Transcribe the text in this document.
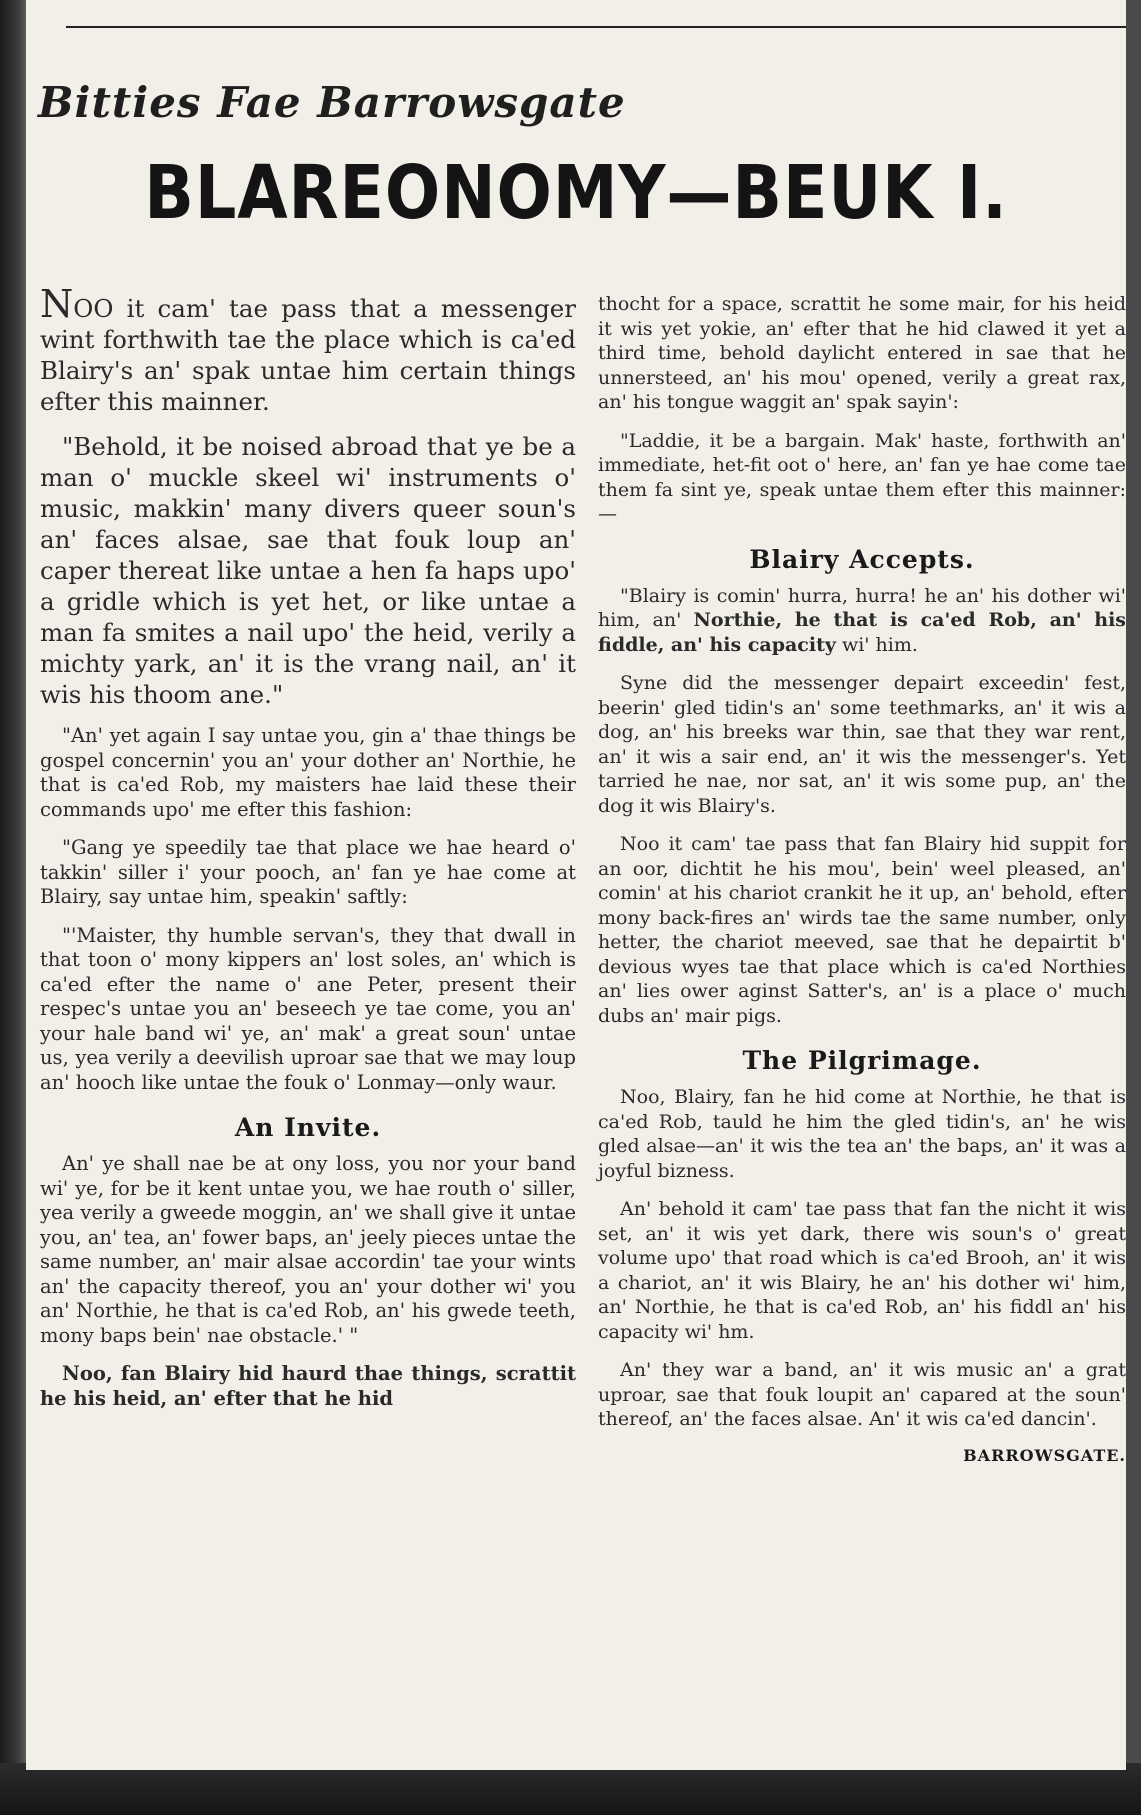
Bitties Fae Barrowsgate
BLAREONOMY—BEUK I.

NOO it cam' tae pass that a messenger wint forthwith tae the place which is ca'ed Blairy's an' spak untae him certain things efter this mainner.

"Behold, it be noised abroad that ye be a man o' muckle skeel wi' instruments o' music, makkin' many divers queer soun's an' faces alsae, sae that fouk loup an' caper thereat like untae a hen fa haps upo' a gridle which is yet het, or like untae a man fa smites a nail upo' the heid, verily a michty yark, an' it is the vrang nail, an' it wis his thoom ane."

"An' yet again I say untae you, gin a' thae things be gospel concernin' you an' your dother an' Northie, he that is ca'ed Rob, my maisters hae laid these their commands upo' me efter this fashion:

"Gang ye speedily tae that place we hae heard o' takkin' siller i' your pooch, an' fan ye hae come at Blairy, say untae him, speakin' saftly:

"'Maister, thy humble servan's, they that dwall in that toon o' mony kippers an' lost soles, an' which is ca'ed efter the name o' ane Peter, present their respec's untae you an' beseech ye tae come, you an' your hale band wi' ye, an' mak' a great soun' untae us, yea verily a deevilish uproar sae that we may loup an' hooch like untae the fouk o' Lonmay—only waur.

An Invite.

An' ye shall nae be at ony loss, you nor your band wi' ye, for be it kent untae you, we hae routh o' siller, yea verily a gweede moggin, an' we shall give it untae you, an' tea, an' fower baps, an' jeely pieces untae the same number, an' mair alsae accordin' tae your wints an' the capacity thereof, you an' your dother wi' you an' Northie, he that is ca'ed Rob, an' his gwede teeth, mony baps bein' nae obstacle.' "

Noo, fan Blairy hid haurd thae things, scrattit he his heid, an' efter that he hid

thocht for a space, scrattit he some mair, for his heid it wis yet yokie, an' efter that he hid clawed it yet a third time, behold daylicht entered in sae that he unnersteed, an' his mou' opened, verily a great rax, an' his tongue waggit an' spak sayin':

"Laddie, it be a bargain. Mak' haste, forthwith an' immediate, het-fit oot o' here, an' fan ye hae come tae them fa sint ye, speak untae them efter this mainner:—

Blairy Accepts.

"Blairy is comin' hurra, hurra! he an' his dother wi' him, an' Northie, he that is ca'ed Rob, an' his fiddle, an' his capacity wi' him.

Syne did the messenger depairt exceedin' fest, beerin' gled tidin's an' some teethmarks, an' it wis a dog, an' his breeks war thin, sae that they war rent, an' it wis a sair end, an' it wis the messenger's. Yet tarried he nae, nor sat, an' it wis some pup, an' the dog it wis Blairy's.

Noo it cam' tae pass that fan Blairy hid suppit for an oor, dichtit he his mou', bein' weel pleased, an' comin' at his chariot crankit he it up, an' behold, efter mony back-fires an' wirds tae the same number, only hetter, the chariot meeved, sae that he depairtit b' devious wyes tae that place which is ca'ed Northies an' lies ower aginst Satter's, an' is a place o' much dubs an' mair pigs.

The Pilgrimage.

Noo, Blairy, fan he hid come at Northie, he that is ca'ed Rob, tauld he him the gled tidin's, an' he wis gled alsae—an' it wis the tea an' the baps, an' it was a joyful bizness.

An' behold it cam' tae pass that fan the nicht it wis set, an' it wis yet dark, there wis soun's o' great volume upo' that road which is ca'ed Brooh, an' it wis a chariot, an' it wis Blairy, he an' his dother wi' him, an' Northie, he that is ca'ed Rob, an' his fiddl an' his capacity wi' hm.

An' they war a band, an' it wis music an' a grat uproar, sae that fouk loupit an' capared at the soun' thereof, an' the faces alsae. An' it wis ca'ed dancin'.

BARROWSGATE.
